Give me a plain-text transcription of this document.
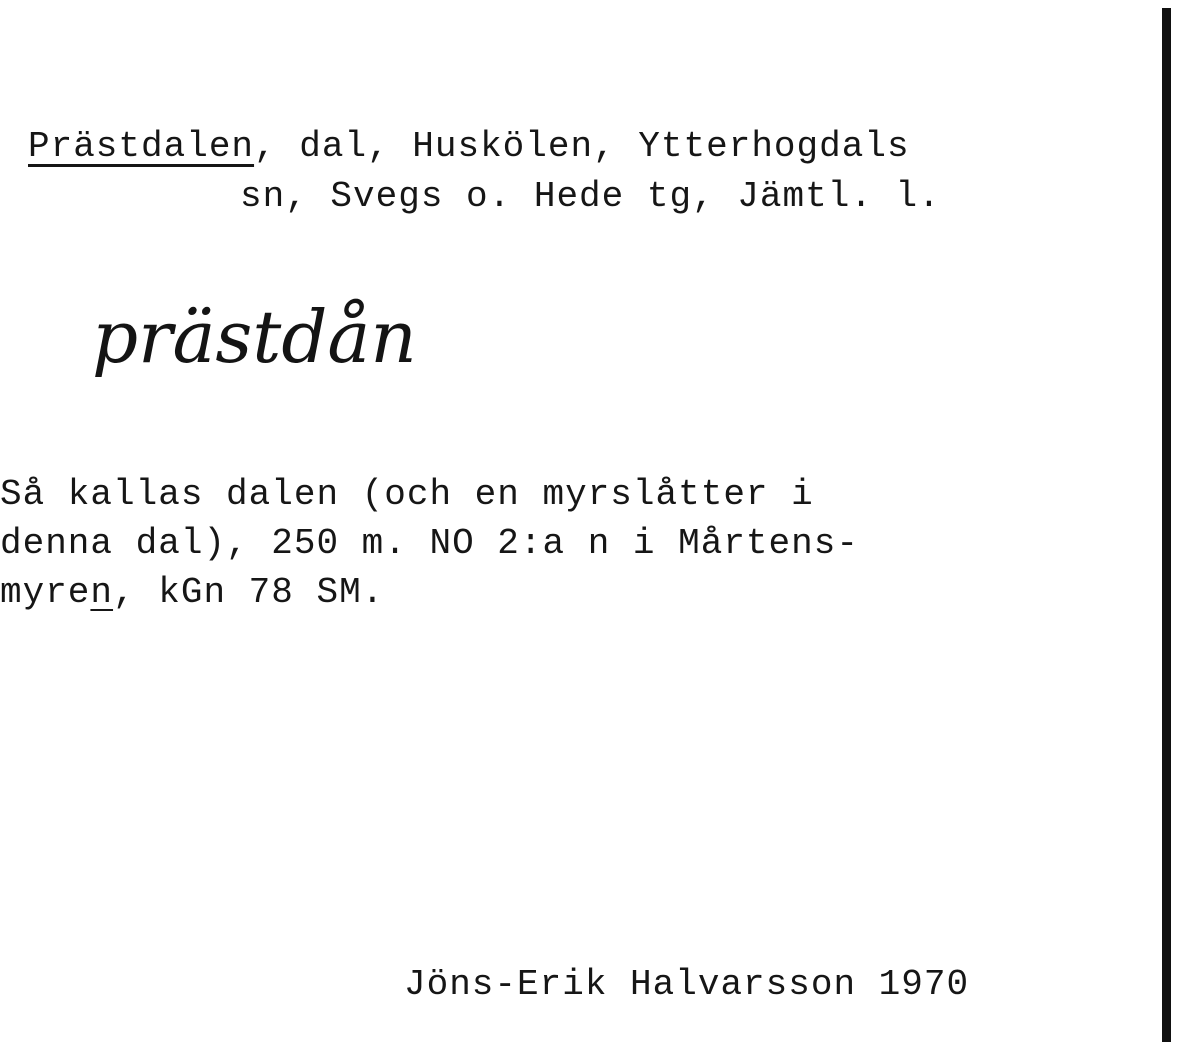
Prästdalen, dal, Huskölen, Ytterhogdals
sn, Svegs o. Hede tg, Jämtl. l.
prästdån
Så kallas dalen (och en myrslåtter i
denna dal), 250 m. NO 2:a n i Mårtens-
myren, kGn 78 SM.
Jöns-Erik Halvarsson 1970
